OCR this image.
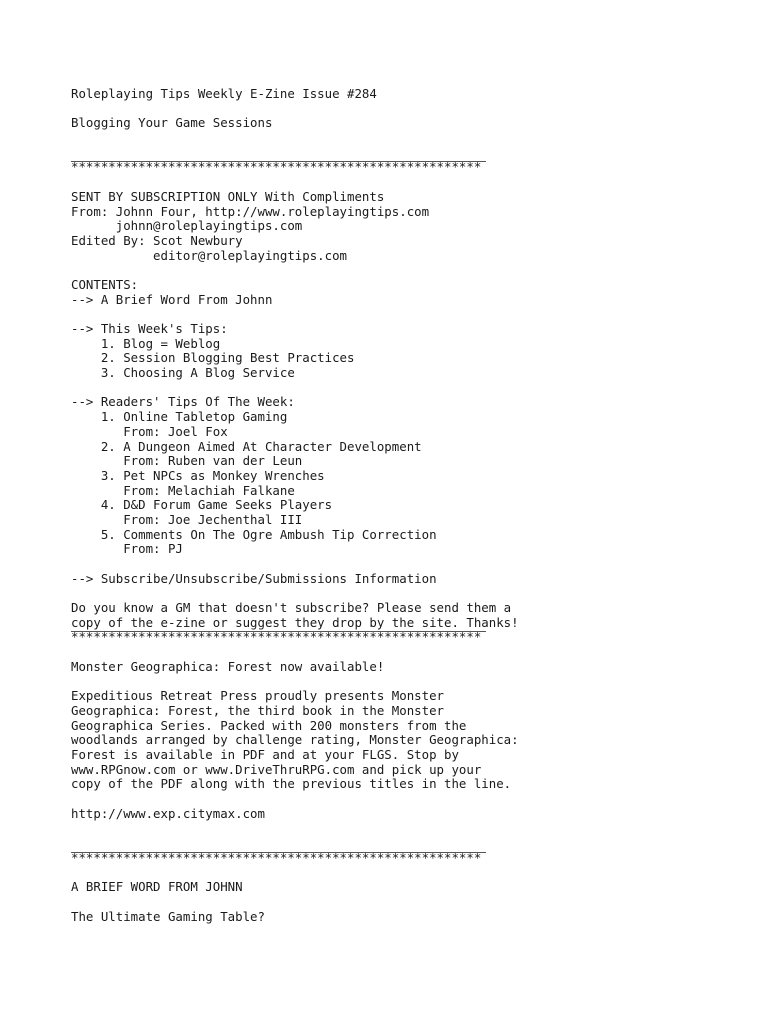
Roleplaying Tips Weekly E-Zine Issue #284
Blogging Your Game Sessions
*******************************************************
SENT BY SUBSCRIPTION ONLY With Compliments
From: Johnn Four, http://www.roleplayingtips.com
johnn@roleplayingtips.com
Edited By: Scot Newbury
editor@roleplayingtips.com
CONTENTS:
--> A Brief Word From Johnn
--> This Week's Tips:
1. Blog = Weblog
2. Session Blogging Best Practices
3. Choosing A Blog Service
--> Readers' Tips Of The Week:
1. Online Tabletop Gaming
From: Joel Fox
2. A Dungeon Aimed At Character Development
From: Ruben van der Leun
3. Pet NPCs as Monkey Wrenches
From: Melachiah Falkane
4. D&D Forum Game Seeks Players
From: Joe Jechenthal III
5. Comments On The Ogre Ambush Tip Correction
From: PJ
--> Subscribe/Unsubscribe/Submissions Information
Do you know a GM that doesn't subscribe? Please send them a
copy of the e-zine or suggest they drop by the site. Thanks!
*******************************************************
Monster Geographica: Forest now available!
Expeditious Retreat Press proudly presents Monster
Geographica: Forest, the third book in the Monster
Geographica Series. Packed with 200 monsters from the
woodlands arranged by challenge rating, Monster Geographica:
Forest is available in PDF and at your FLGS. Stop by
www.RPGnow.com or www.DriveThruRPG.com and pick up your
copy of the PDF along with the previous titles in the line.
http://www.exp.citymax.com
*******************************************************
A BRIEF WORD FROM JOHNN
The Ultimate Gaming Table?
